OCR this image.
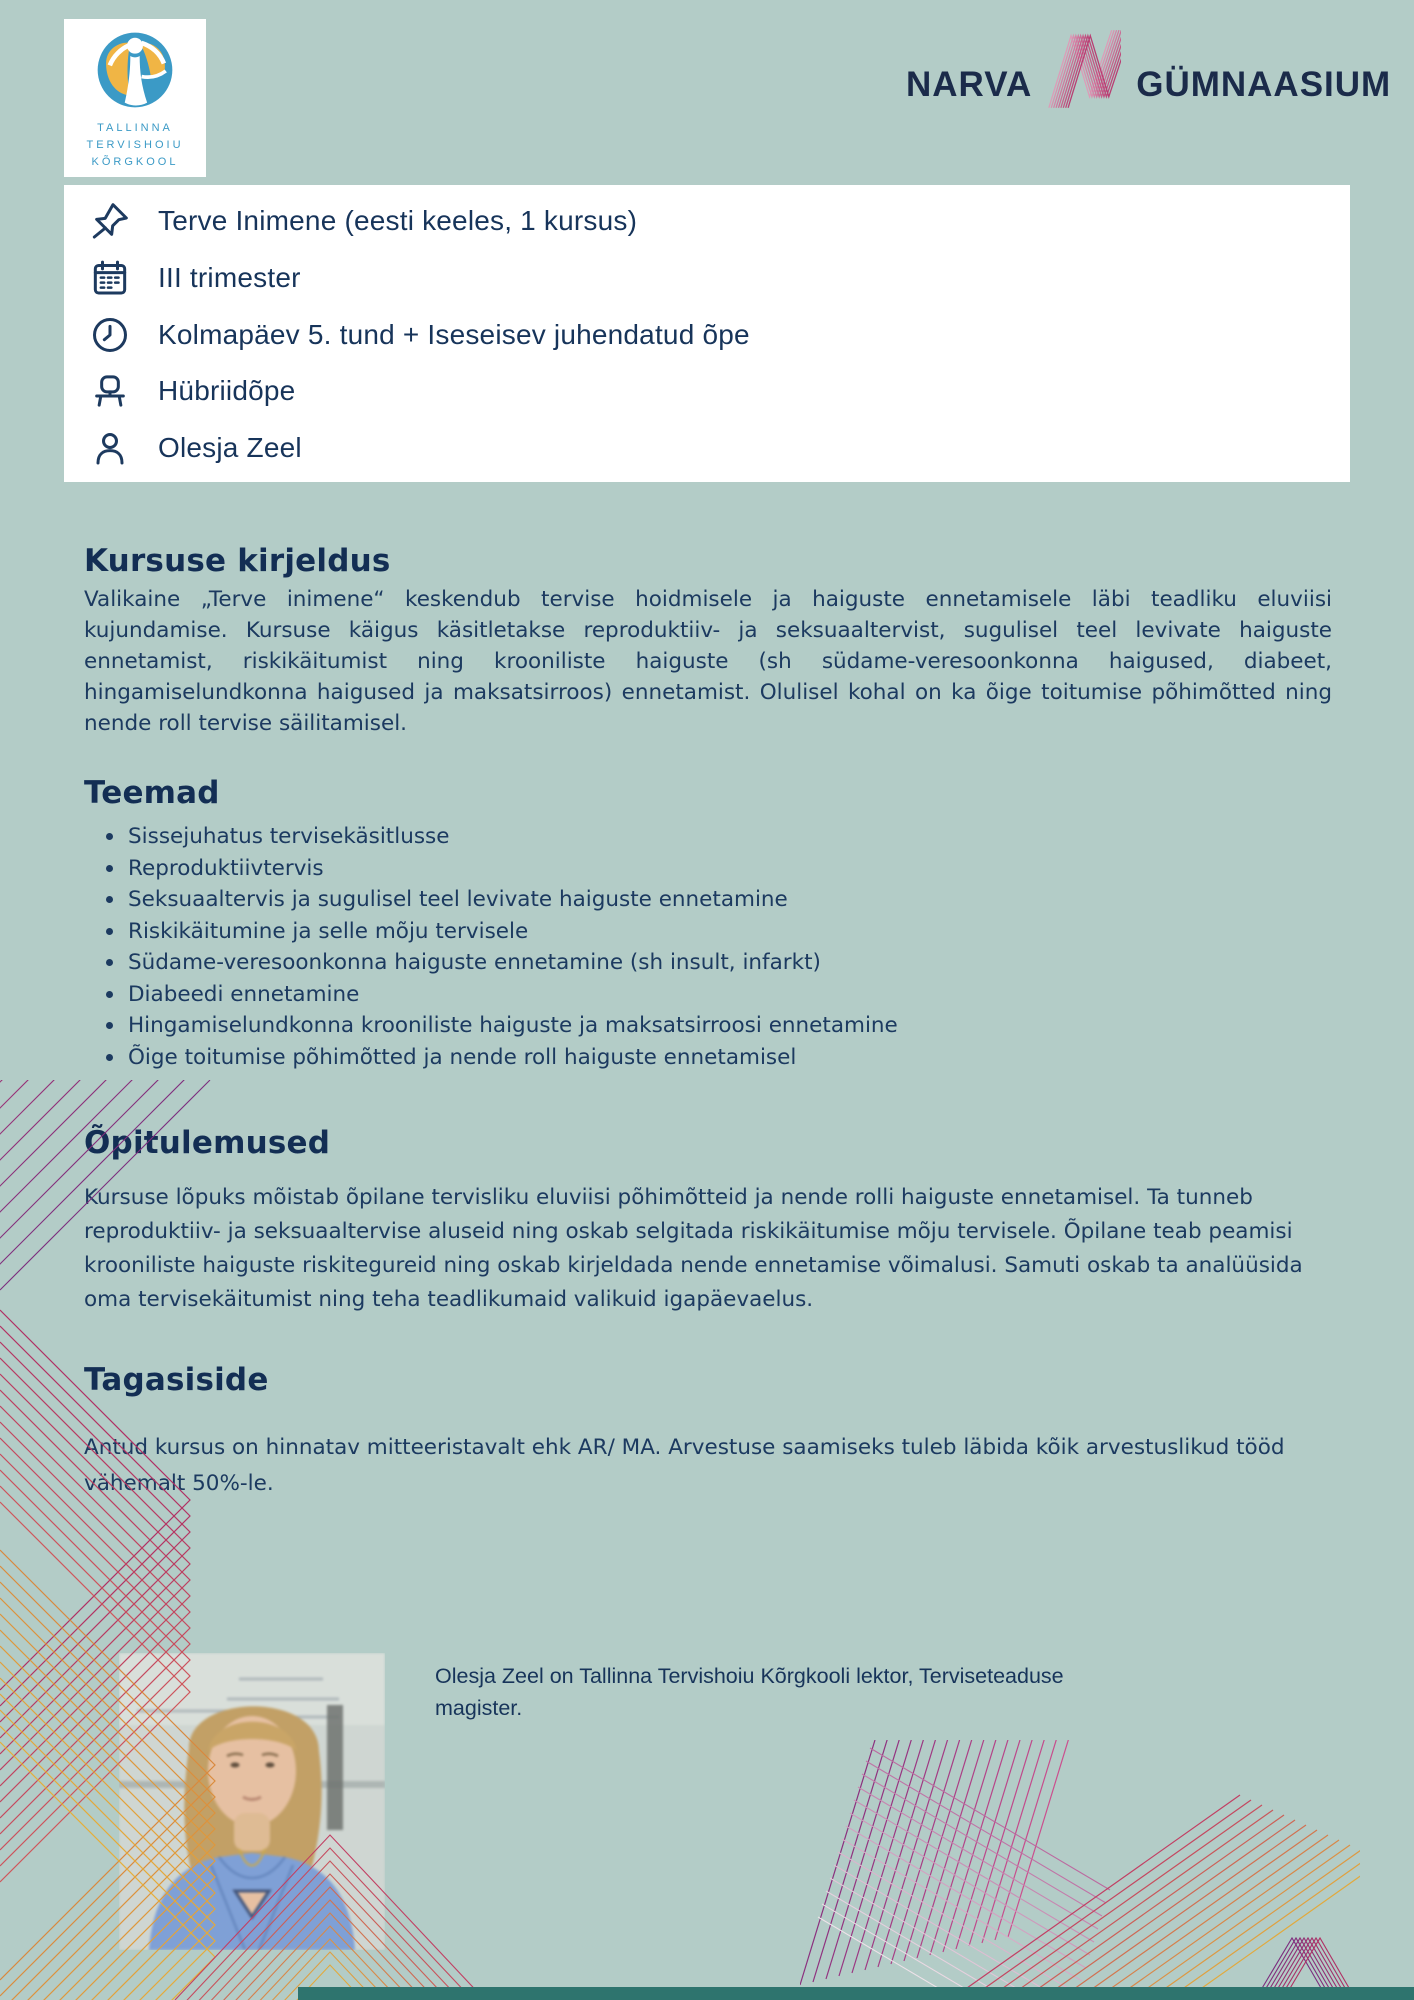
TALLINNA
TERVISHOIU
KÕRGKOOL
NARVA	GÜMNAASIUM
Terve Inimene (eesti keeles, 1 kursus)
III trimester
Kolmapäev 5. tund + Iseseisev juhendatud õpe
Hübriidõpe
Olesja Zeel
Kursuse kirjeldus

Valikaine „Terve inimene“ keskendub tervise hoidmisele ja haiguste ennetamisele läbi teadliku eluviisi kujundamise. Kursuse käigus käsitletakse reproduktiiv- ja seksuaaltervist, sugulisel teel levivate haiguste ennetamist, riskikäitumist ning krooniliste haiguste (sh südame-veresoonkonna haigused, diabeet, hingamiselundkonna haigused ja maksatsirroos) ennetamist. Olulisel kohal on ka õige toitumise põhimõtted ning nende roll tervise säilitamisel.

Teemad
Sissejuhatus tervisekäsitlusse
Reproduktiivtervis
Seksuaaltervis ja sugulisel teel levivate haiguste ennetamine
Riskikäitumine ja selle mõju tervisele
Südame-veresoonkonna haiguste ennetamine (sh insult, infarkt)
Diabeedi ennetamine
Hingamiselundkonna krooniliste haiguste ja maksatsirroosi ennetamine
Õige toitumise põhimõtted ja nende roll haiguste ennetamisel
Õpitulemused

Kursuse lõpuks mõistab õpilane tervisliku eluviisi põhimõtteid ja nende rolli haiguste ennetamisel. Ta tunneb reproduktiiv- ja seksuaaltervise aluseid ning oskab selgitada riskikäitumise mõju tervisele. Õpilane teab peamisi krooniliste haiguste riskitegureid ning oskab kirjeldada nende ennetamise võimalusi. Samuti oskab ta analüüsida oma tervisekäitumist ning teha teadlikumaid valikuid igapäevaelus.

Tagasiside

Antud kursus on hinnatav mitteeristavalt ehk AR/ MA. Arvestuse saamiseks tuleb läbida kõik arvestuslikud tööd vähemalt 50%-le.

Olesja Zeel on Tallinna Tervishoiu Kõrgkooli lektor, Terviseteaduse magister.
